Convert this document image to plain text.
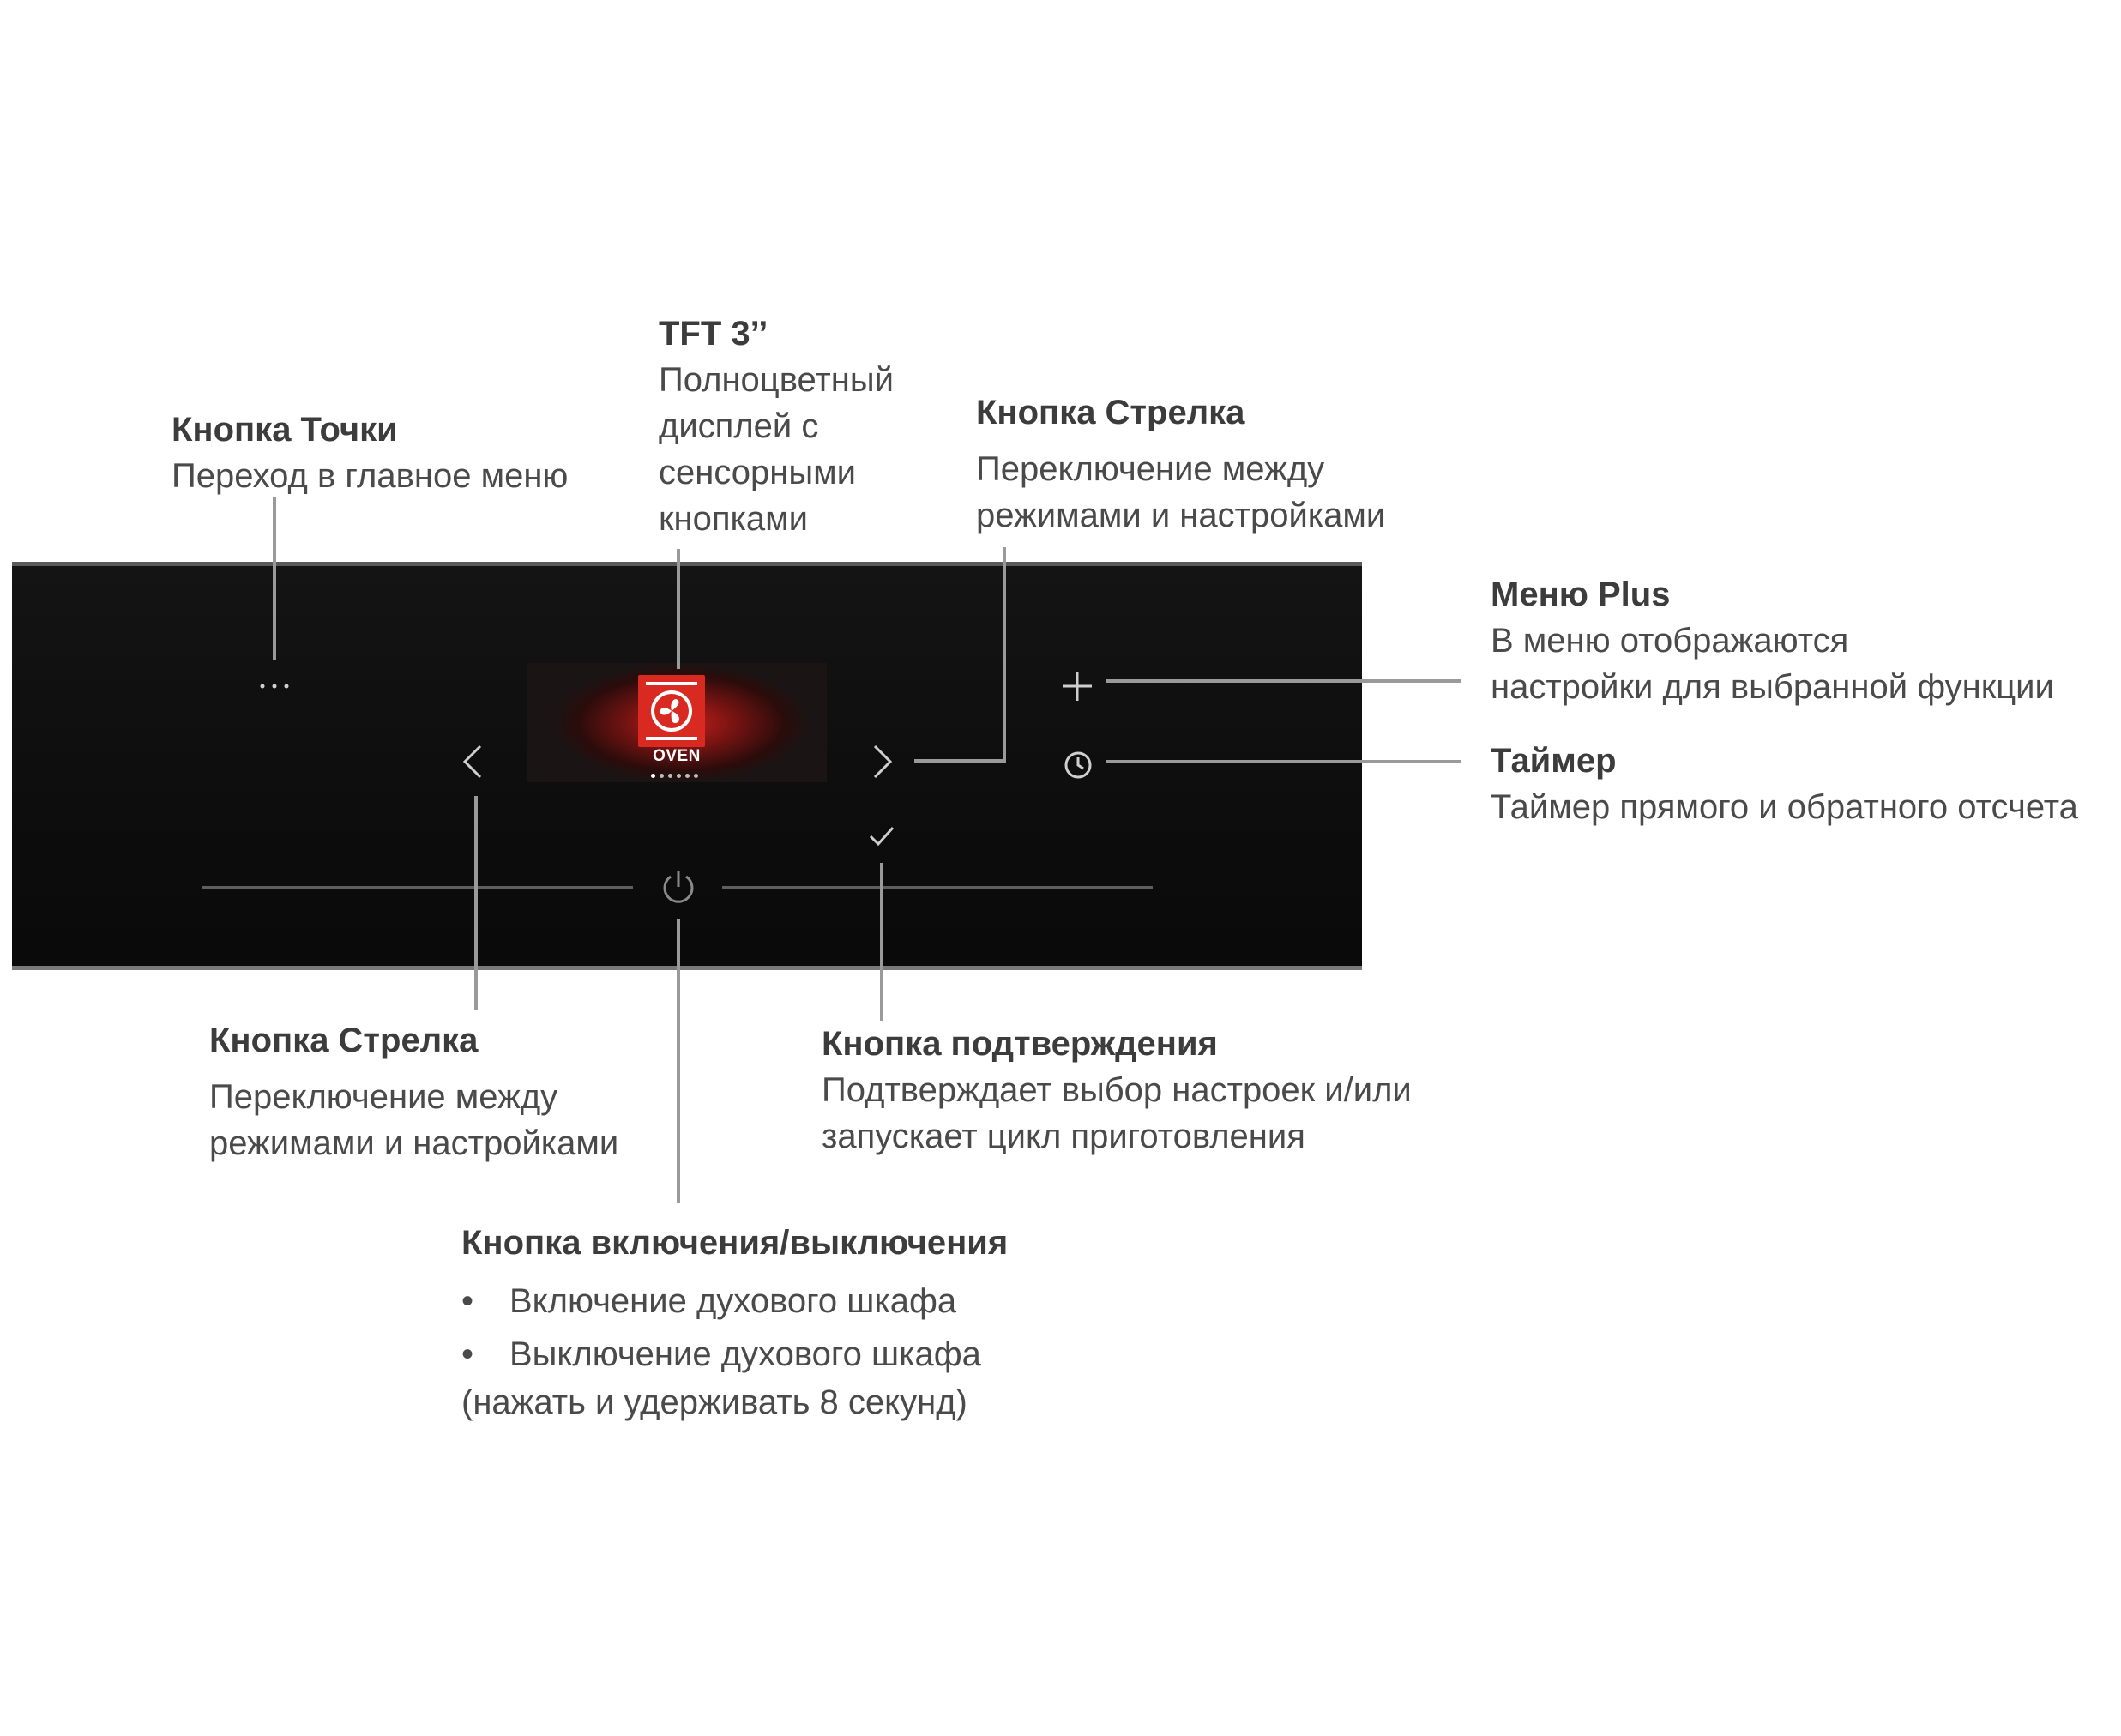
OVEN
TFT 3’’
Полноцветный
дисплей с
сенсорными
кнопками
Кнопка Точки
Переход в главное меню
Кнопка Стрелка
Переключение между
режимами и настройками
Меню Plus
В меню отображаются
настройки для выбранной функции
Таймер
Таймер прямого и обратного отсчета
Кнопка Стрелка
Переключение между
режимами и настройками
Кнопка подтверждения
Подтверждает выбор настроек и/или
запускает цикл приготовления
Кнопка включения/выключения
• Включение духового шкафа
• Выключение духового шкафа
(нажать и удерживать 8 секунд)
